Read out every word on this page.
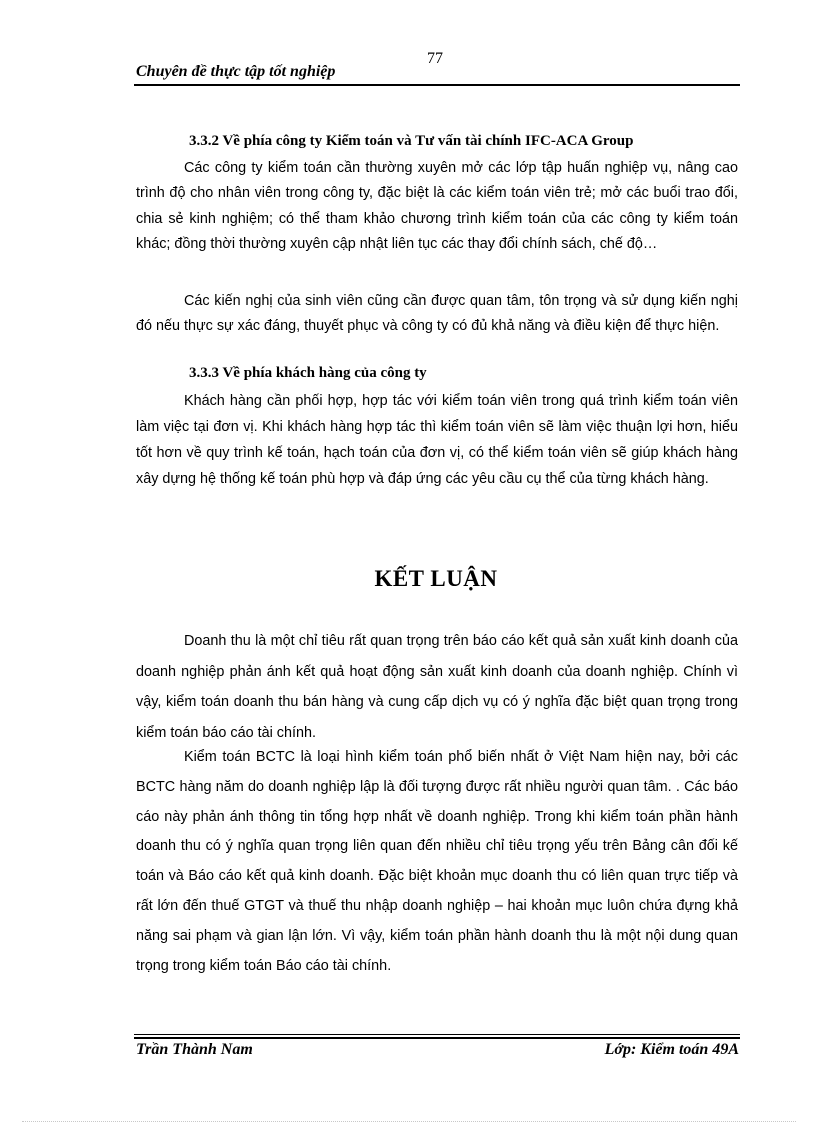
77
Chuyên đề thực tập tốt nghiệp
3.3.2 Về phía công ty Kiểm toán và Tư vấn tài chính IFC-ACA Group

Các công ty kiểm toán cần thường xuyên mở các lớp tập huấn nghiệp vụ, nâng cao trình độ cho nhân viên trong công ty, đặc biệt là các kiểm toán viên trẻ; mở các buổi trao đổi, chia sẻ kinh nghiệm; có thể tham khảo chương trình kiểm toán của các công ty kiểm toán khác; đồng thời thường xuyên cập nhật liên tục các thay đổi chính sách, chế độ…

Các kiến nghị của sinh viên cũng cần được quan tâm, tôn trọng và sử dụng kiến nghị đó nếu thực sự xác đáng, thuyết phục và công ty có đủ khả năng và điều kiện để thực hiện.

3.3.3 Về phía khách hàng của công ty

Khách hàng cần phối hợp, hợp tác với kiểm toán viên trong quá trình kiểm toán viên làm việc tại đơn vị. Khi khách hàng hợp tác thì kiểm toán viên sẽ làm việc thuận lợi hơn, hiểu tốt hơn về quy trình kế toán, hạch toán của đơn vị, có thể kiểm toán viên sẽ giúp khách hàng xây dựng hệ thống kế toán phù hợp và đáp ứng các yêu cầu cụ thể của từng khách hàng.

KẾT LUẬN

Doanh thu là một chỉ tiêu rất quan trọng trên báo cáo kết quả sản xuất kinh doanh của doanh nghiệp phản ánh kết quả hoạt động sản xuất kinh doanh của doanh nghiệp. Chính vì vậy, kiểm toán doanh thu bán hàng và cung cấp dịch vụ có ý nghĩa đặc biệt quan trọng trong kiểm toán báo cáo tài chính.

Kiểm toán BCTC là loại hình kiểm toán phổ biến nhất ở Việt Nam hiện nay, bởi các BCTC hàng năm do doanh nghiệp lập là đối tượng được rất nhiều người quan tâm. . Các báo cáo này phản ánh thông tin tổng hợp nhất về doanh nghiệp. Trong khi kiểm toán phần hành doanh thu có ý nghĩa quan trọng liên quan đến nhiều chỉ tiêu trọng yếu trên Bảng cân đối kế toán và Báo cáo kết quả kinh doanh. Đặc biệt khoản mục doanh thu có liên quan trực tiếp và rất lớn đến thuế GTGT và thuế thu nhập doanh nghiệp – hai khoản mục luôn chứa đựng khả năng sai phạm và gian lận lớn. Vì vậy, kiểm toán phần hành doanh thu là một nội dung quan trọng trong kiểm toán Báo cáo tài chính.

Trần Thành Nam	Lớp: Kiểm toán 49A
